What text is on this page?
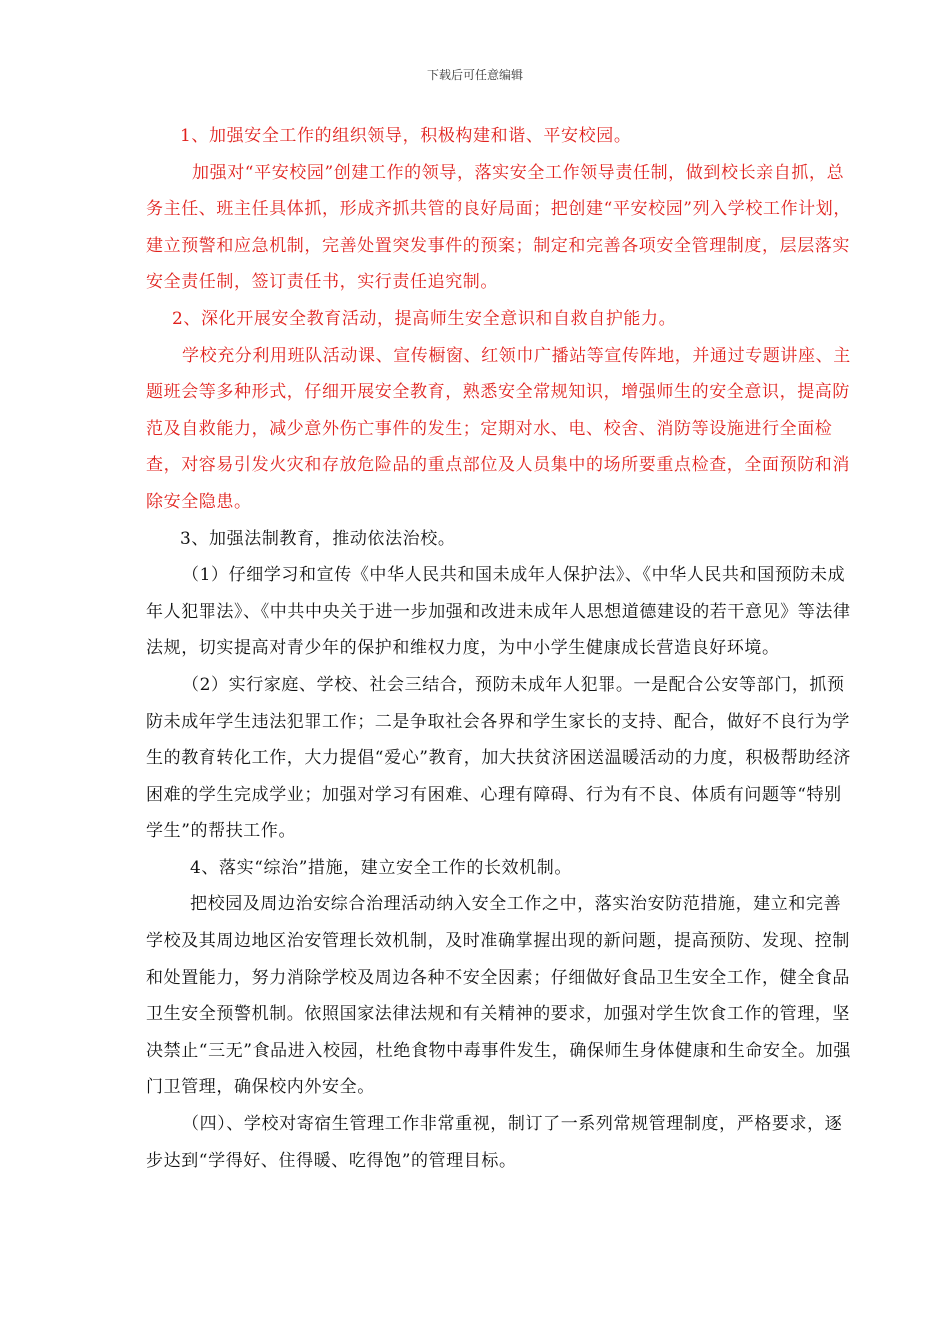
下载后可任意编辑

1、加强安全工作的组织领导，积极构建和谐、平安校园。

加强对“平安校园”创建工作的领导，落实安全工作领导责任制，做到校长亲自抓，总务主任、班主任具体抓，形成齐抓共管的良好局面；把创建“平安校园”列入学校工作计划，建立预警和应急机制，完善处置突发事件的预案；制定和完善各项安全管理制度，层层落实安全责任制，签订责任书，实行责任追究制。

2、深化开展安全教育活动，提高师生安全意识和自救自护能力。

学校充分利用班队活动课、宣传橱窗、红领巾广播站等宣传阵地，并通过专题讲座、主题班会等多种形式，仔细开展安全教育，熟悉安全常规知识，增强师生的安全意识，提高防范及自救能力，减少意外伤亡事件的发生；定期对水、电、校舍、消防等设施进行全面检查，对容易引发火灾和存放危险品的重点部位及人员集中的场所要重点检查，全面预防和消除安全隐患。

3、加强法制教育，推动依法治校。

（1）仔细学习和宣传《中华人民共和国未成年人保护法》、《中华人民共和国预防未成年人犯罪法》、《中共中央关于进一步加强和改进未成年人思想道德建设的若干意见》等法律法规，切实提高对青少年的保护和维权力度，为中小学生健康成长营造良好环境。

（2）实行家庭、学校、社会三结合，预防未成年人犯罪。一是配合公安等部门，抓预防未成年学生违法犯罪工作；二是争取社会各界和学生家长的支持、配合，做好不良行为学生的教育转化工作，大力提倡“爱心”教育，加大扶贫济困送温暖活动的力度，积极帮助经济困难的学生完成学业；加强对学习有困难、心理有障碍、行为有不良、体质有问题等“特别学生”的帮扶工作。

4、落实“综治”措施，建立安全工作的长效机制。

把校园及周边治安综合治理活动纳入安全工作之中，落实治安防范措施，建立和完善学校及其周边地区治安管理长效机制，及时准确掌握出现的新问题，提高预防、发现、控制和处置能力，努力消除学校及周边各种不安全因素；仔细做好食品卫生安全工作，健全食品卫生安全预警机制。依照国家法律法规和有关精神的要求，加强对学生饮食工作的管理，坚决禁止“三无”食品进入校园，杜绝食物中毒事件发生，确保师生身体健康和生命安全。加强门卫管理，确保校内外安全。

（四）、学校对寄宿生管理工作非常重视，制订了一系列常规管理制度，严格要求，逐步达到“学得好、住得暖、吃得饱”的管理目标。
